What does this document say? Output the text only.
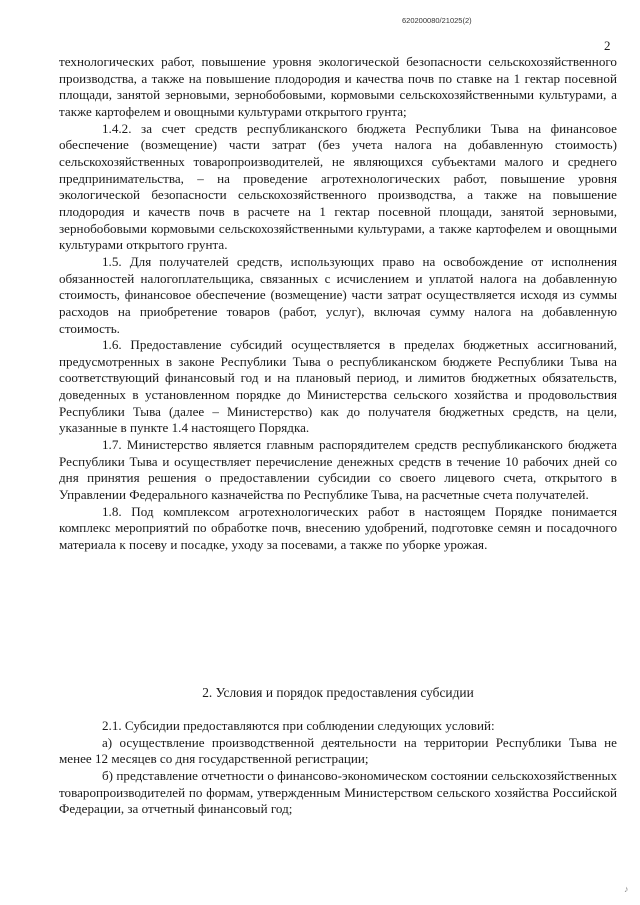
620200080/21025(2)
2

технологических работ, повышение уровня экологической безопасности сельскохозяйственного производства, а также на повышение плодородия и качества почв по ставке на 1 гектар посевной площади, занятой зерновыми, зернобобовыми, кормовыми сельскохозяйственными культурами, а также картофелем и овощными культурами открытого грунта;

1.4.2. за счет средств республиканского бюджета Республики Тыва на финансовое обеспечение (возмещение) части затрат (без учета налога на добавленную стоимость) сельскохозяйственных товаропроизводителей, не являющихся субъектами малого и среднего предпринимательства, – на проведение агротехнологических работ, повышение уровня экологической безопасности сельскохозяйственного производства, а также на повышение плодородия и качеств почв в расчете на 1 гектар посевной площади, занятой зерновыми, зернобобовыми кормовыми сельскохозяйственными культурами, а также картофелем и овощными культурами открытого грунта.

1.5. Для получателей средств, использующих право на освобождение от исполнения обязанностей налогоплательщика, связанных с исчислением и уплатой налога на добавленную стоимость, финансовое обеспечение (возмещение) части затрат осуществляется исходя из суммы расходов на приобретение товаров (работ, услуг), включая сумму налога на добавленную стоимость.

1.6. Предоставление субсидий осуществляется в пределах бюджетных ассигнований, предусмотренных в законе Республики Тыва о республиканском бюджете Республики Тыва на соответствующий финансовый год и на плановый период, и лимитов бюджетных обязательств, доведенных в установленном порядке до Министерства сельского хозяйства и продовольствия Республики Тыва (далее – Министерство) как до получателя бюджетных средств, на цели, указанные в пункте 1.4 настоящего Порядка.

1.7. Министерство является главным распорядителем средств республиканского бюджета Республики Тыва и осуществляет перечисление денежных средств в течение 10 рабочих дней со дня принятия решения о предоставлении субсидии со своего лицевого счета, открытого в Управлении Федерального казначейства по Республике Тыва, на расчетные счета получателей.

1.8. Под комплексом агротехнологических работ в настоящем Порядке понимается комплекс мероприятий по обработке почв, внесению удобрений, подготовке семян и посадочного материала к посеву и посадке, уходу за посевами, а также по уборке урожая.

2. Условия и порядок предоставления субсидии

2.1. Субсидии предоставляются при соблюдении следующих условий:

а) осуществление производственной деятельности на территории Республики Тыва не менее 12 месяцев со дня государственной регистрации;

б) представление отчетности о финансово-экономическом состоянии сельскохозяйственных товаропроизводителей по формам, утвержденным Министерством сельского хозяйства Российской Федерации, за отчетный финансовый год;

♪
